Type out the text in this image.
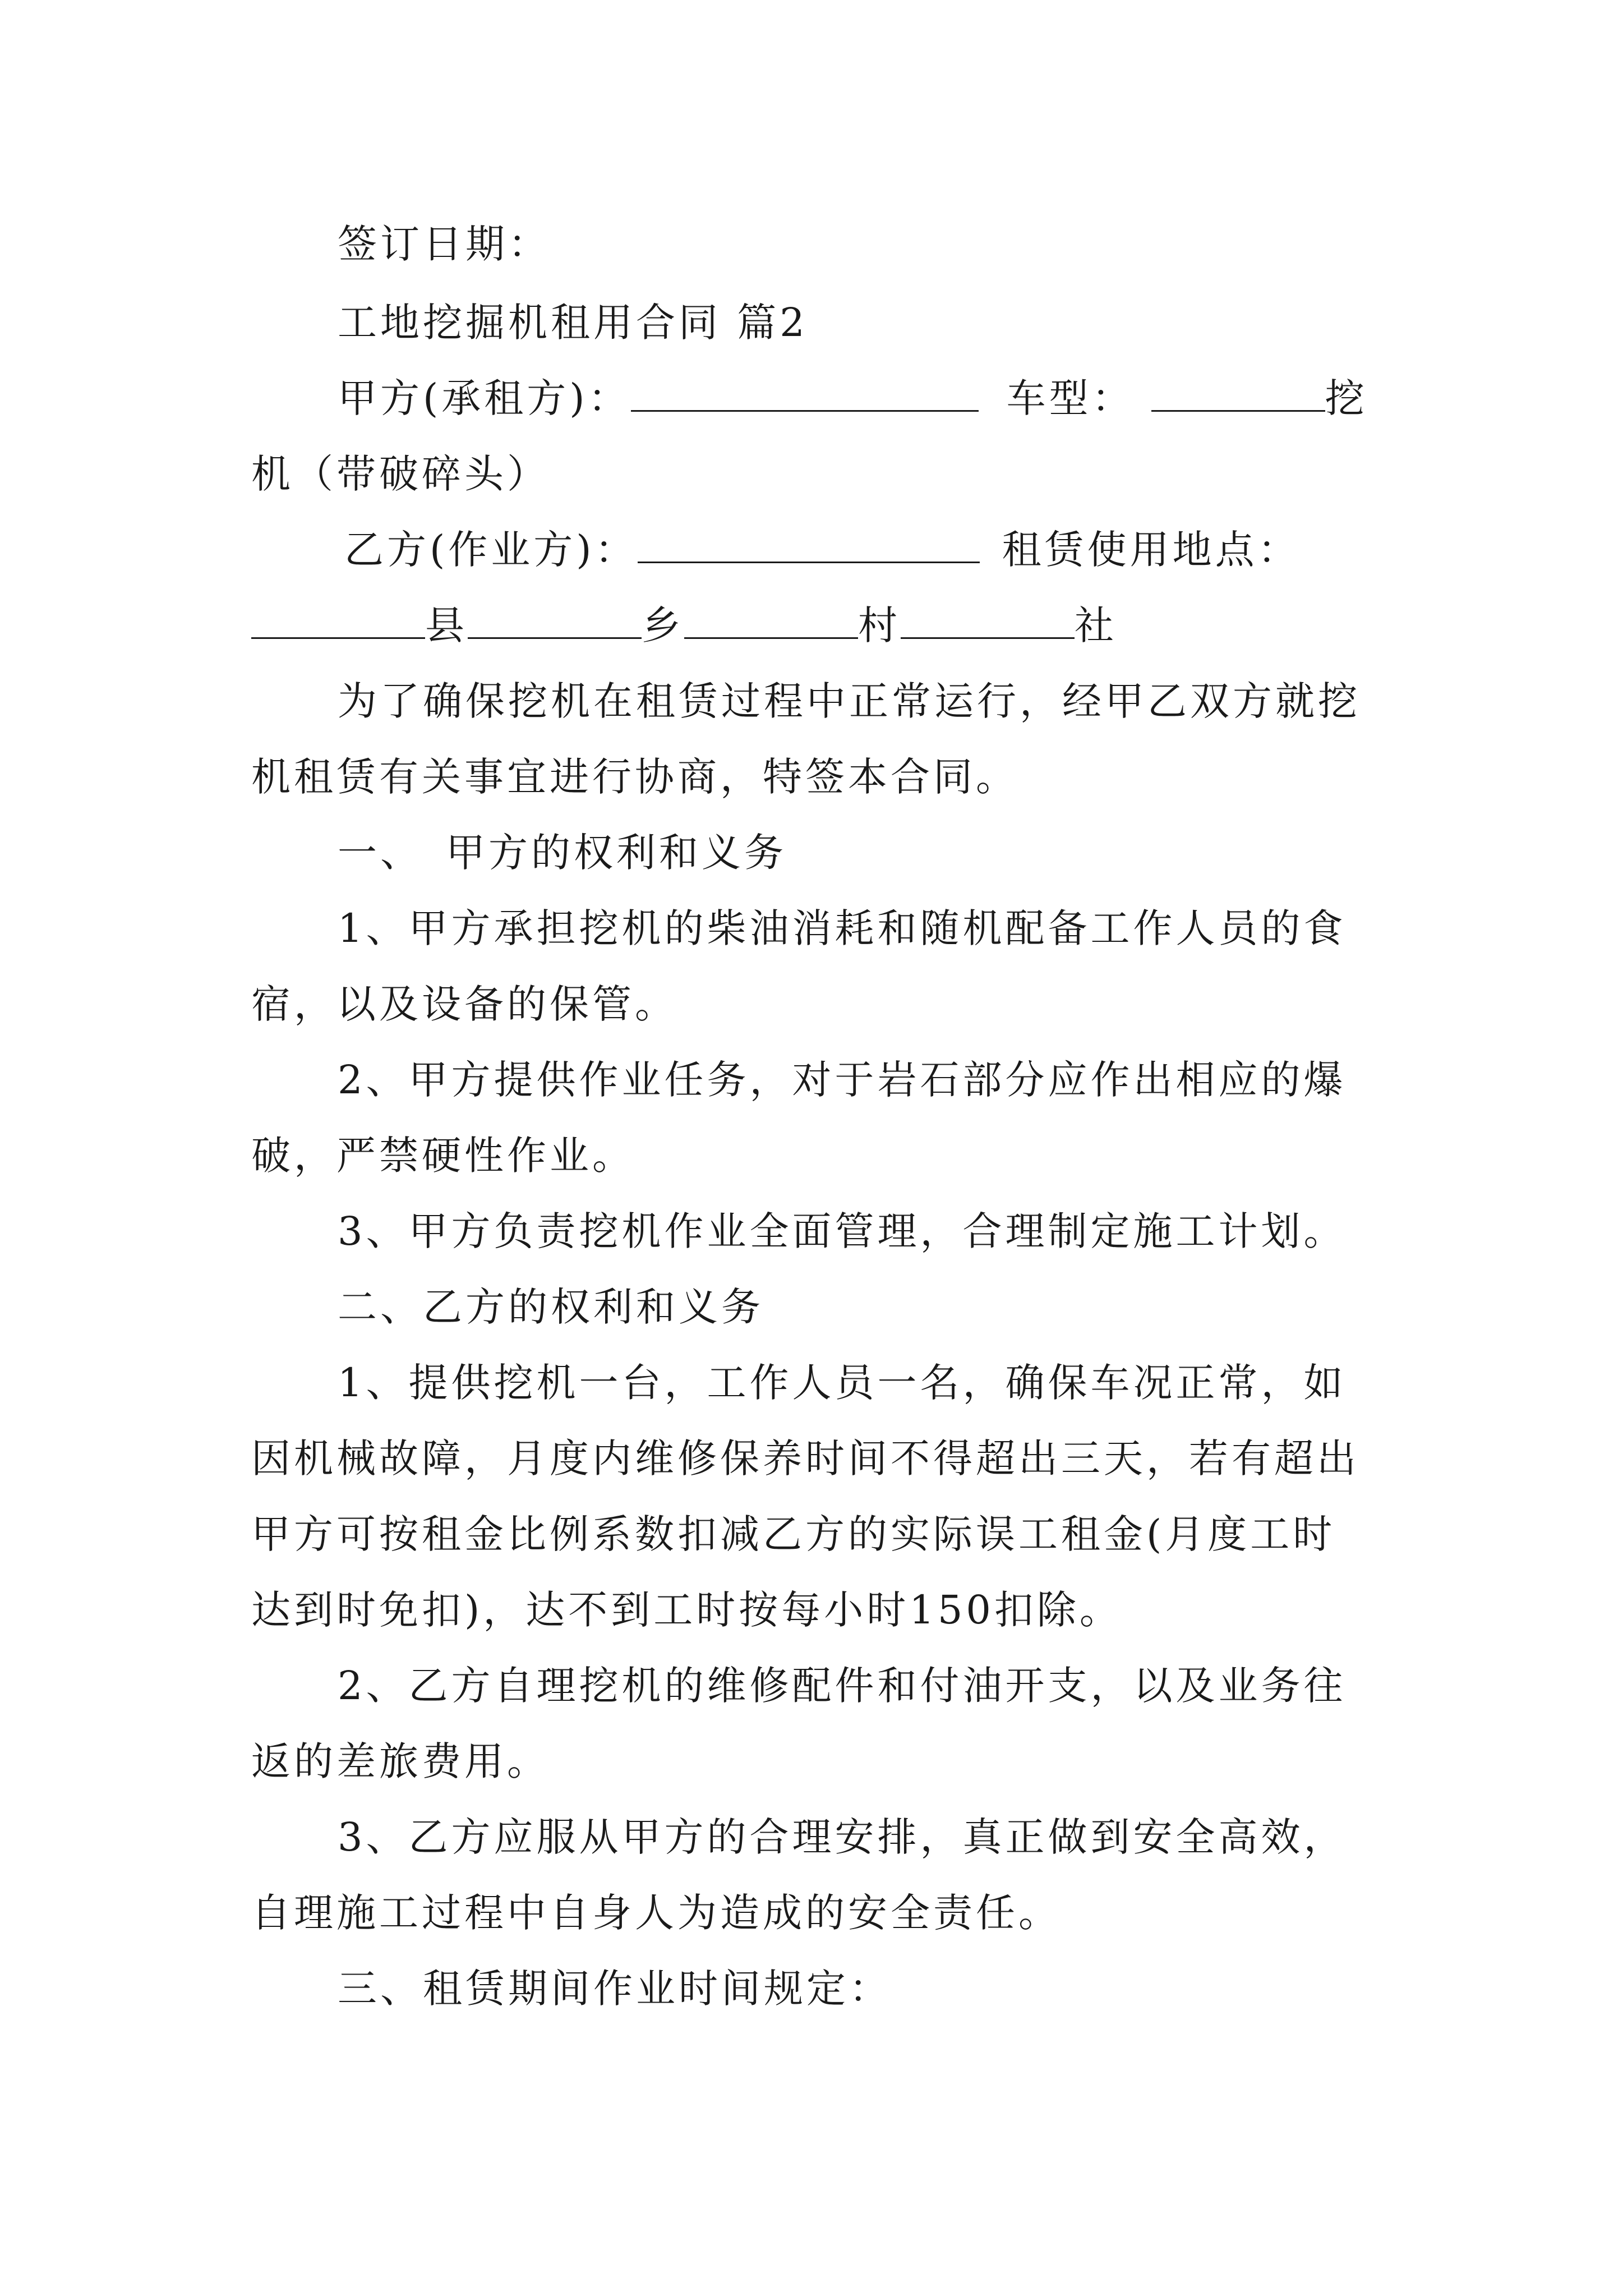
签订日期：
工地挖掘机租用合同 篇2
甲方(承租方)：	车型：	挖
机（带破碎头）
乙方(作业方)：	租赁使用地点：
县	乡	村	社
为了确保挖机在租赁过程中正常运行，经甲乙双方就挖
机租赁有关事宜进行协商，特签本合同。
一、　甲方的权利和义务
1、甲方承担挖机的柴油消耗和随机配备工作人员的食
宿，以及设备的保管。
2、甲方提供作业任务，对于岩石部分应作出相应的爆
破，严禁硬性作业。
3、甲方负责挖机作业全面管理，合理制定施工计划。
二、乙方的权利和义务
1、提供挖机一台，工作人员一名，确保车况正常，如
因机械故障，月度内维修保养时间不得超出三天，若有超出
甲方可按租金比例系数扣减乙方的实际误工租金(月度工时
达到时免扣)，达不到工时按每小时150扣除。
2、乙方自理挖机的维修配件和付油开支，以及业务往
返的差旅费用。
3、乙方应服从甲方的合理安排，真正做到安全高效，
自理施工过程中自身人为造成的安全责任。
三、租赁期间作业时间规定：
